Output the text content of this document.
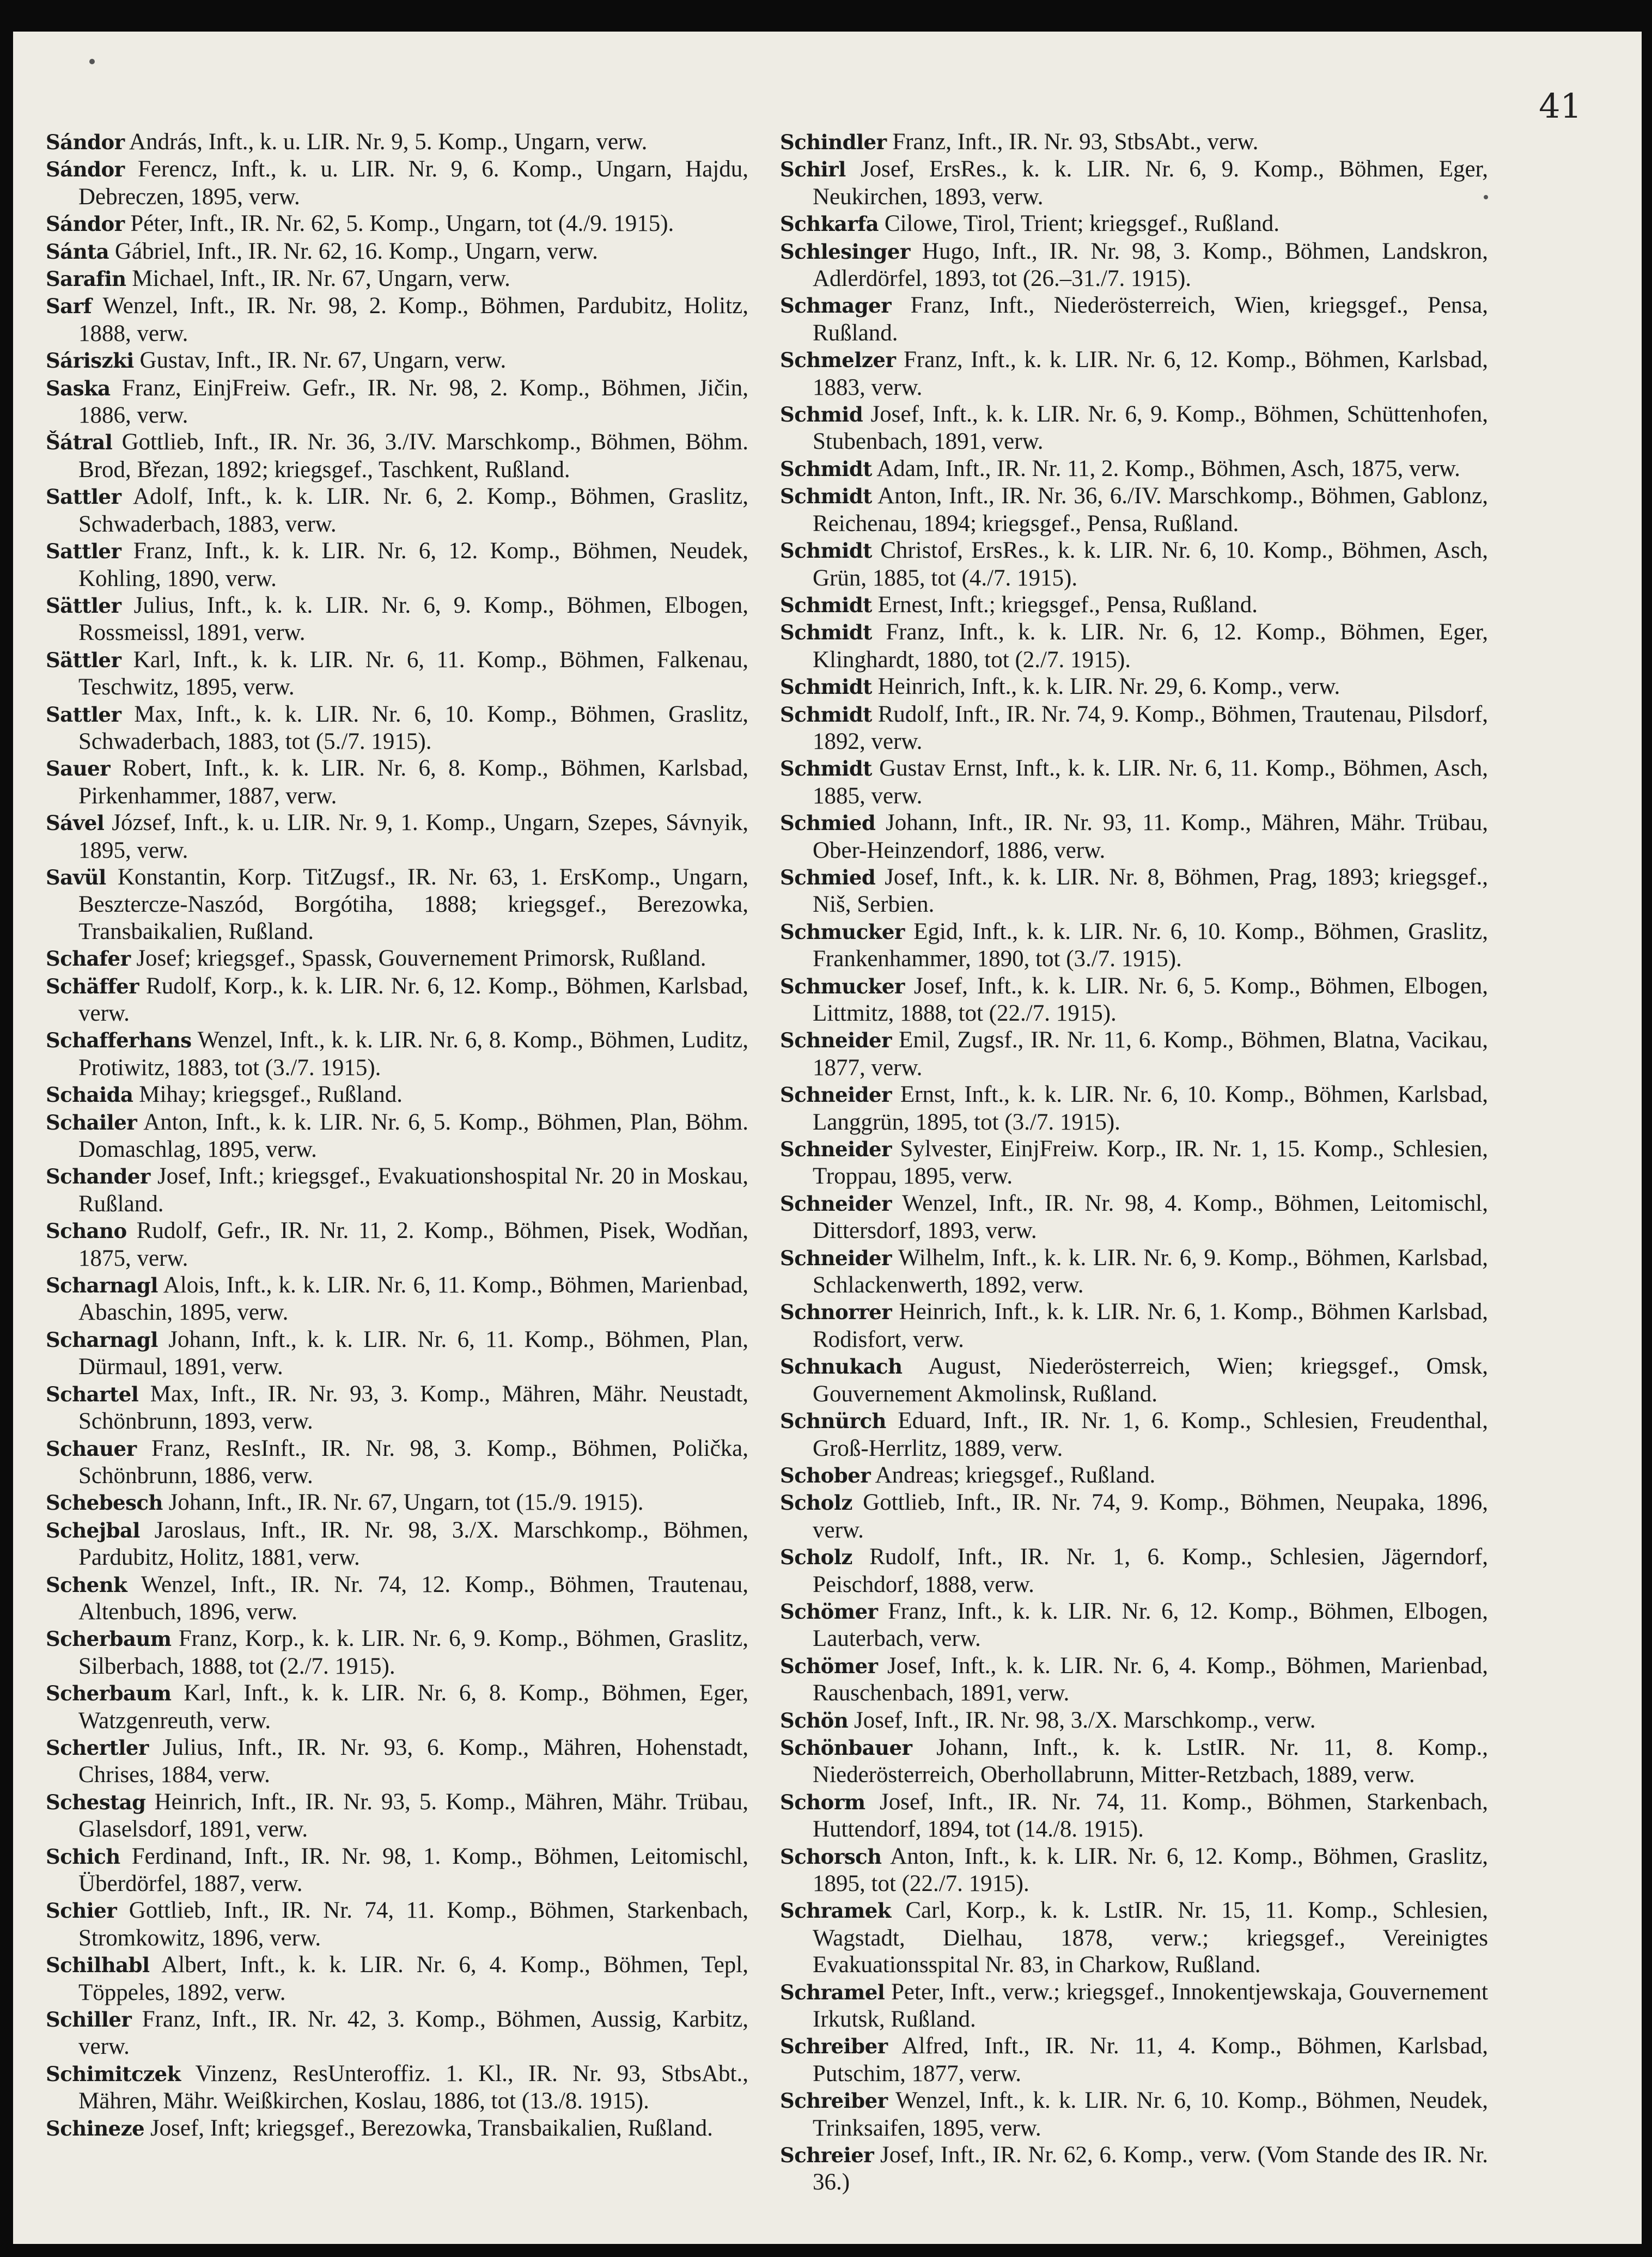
41

Sándor András, Inft., k. u. LIR. Nr. 9, 5. Komp., Ungarn, verw.

Sándor Ferencz, Inft., k. u. LIR. Nr. 9, 6. Komp., Ungarn, Hajdu, Debreczen, 1895, verw.

Sándor Péter, Inft., IR. Nr. 62, 5. Komp., Ungarn, tot (4./9. 1915).

Sánta Gábriel, Inft., IR. Nr. 62, 16. Komp., Ungarn, verw.

Sarafin Michael, Inft., IR. Nr. 67, Ungarn, verw.

Sarf Wenzel, Inft., IR. Nr. 98, 2. Komp., Böhmen, Pardubitz, Holitz, 1888, verw.

Sáriszki Gustav, Inft., IR. Nr. 67, Ungarn, verw.

Saska Franz, EinjFreiw. Gefr., IR. Nr. 98, 2. Komp., Böhmen, Jičin, 1886, verw.

Šátral Gottlieb, Inft., IR. Nr. 36, 3./IV. Marschkomp., Böhmen, Böhm. Brod, Březan, 1892; kriegsgef., Taschkent, Rußland.

Sattler Adolf, Inft., k. k. LIR. Nr. 6, 2. Komp., Böhmen, Graslitz, Schwaderbach, 1883, verw.

Sattler Franz, Inft., k. k. LIR. Nr. 6, 12. Komp., Böhmen, Neudek, Kohling, 1890, verw.

Sättler Julius, Inft., k. k. LIR. Nr. 6, 9. Komp., Böhmen, Elbogen, Rossmeissl, 1891, verw.

Sättler Karl, Inft., k. k. LIR. Nr. 6, 11. Komp., Böhmen, Falkenau, Teschwitz, 1895, verw.

Sattler Max, Inft., k. k. LIR. Nr. 6, 10. Komp., Böhmen, Graslitz, Schwaderbach, 1883, tot (5./7. 1915).

Sauer Robert, Inft., k. k. LIR. Nr. 6, 8. Komp., Böhmen, Karlsbad, Pirkenhammer, 1887, verw.

Sável József, Inft., k. u. LIR. Nr. 9, 1. Komp., Ungarn, Szepes, Sávnyik, 1895, verw.

Savül Konstantin, Korp. TitZugsf., IR. Nr. 63, 1. ErsKomp., Ungarn, Besztercze-Naszód, Borgótiha, 1888; kriegsgef., Berezowka, Transbaikalien, Rußland.

Schafer Josef; kriegsgef., Spassk, Gouvernement Primorsk, Rußland.

Schäffer Rudolf, Korp., k. k. LIR. Nr. 6, 12. Komp., Böhmen, Karlsbad, verw.

Schafferhans Wenzel, Inft., k. k. LIR. Nr. 6, 8. Komp., Böhmen, Luditz, Protiwitz, 1883, tot (3./7. 1915).

Schaida Mihay; kriegsgef., Rußland.

Schailer Anton, Inft., k. k. LIR. Nr. 6, 5. Komp., Böhmen, Plan, Böhm. Domaschlag, 1895, verw.

Schander Josef, Inft.; kriegsgef., Evakuationshospital Nr. 20 in Moskau, Rußland.

Schano Rudolf, Gefr., IR. Nr. 11, 2. Komp., Böhmen, Pisek, Wodňan, 1875, verw.

Scharnagl Alois, Inft., k. k. LIR. Nr. 6, 11. Komp., Böhmen, Marienbad, Abaschin, 1895, verw.

Scharnagl Johann, Inft., k. k. LIR. Nr. 6, 11. Komp., Böhmen, Plan, Dürmaul, 1891, verw.

Schartel Max, Inft., IR. Nr. 93, 3. Komp., Mähren, Mähr. Neustadt, Schönbrunn, 1893, verw.

Schauer Franz, ResInft., IR. Nr. 98, 3. Komp., Böhmen, Polička, Schönbrunn, 1886, verw.

Schebesch Johann, Inft., IR. Nr. 67, Ungarn, tot (15./9. 1915).

Schejbal Jaroslaus, Inft., IR. Nr. 98, 3./X. Marschkomp., Böhmen, Pardubitz, Holitz, 1881, verw.

Schenk Wenzel, Inft., IR. Nr. 74, 12. Komp., Böhmen, Trautenau, Altenbuch, 1896, verw.

Scherbaum Franz, Korp., k. k. LIR. Nr. 6, 9. Komp., Böhmen, Graslitz, Silberbach, 1888, tot (2./7. 1915).

Scherbaum Karl, Inft., k. k. LIR. Nr. 6, 8. Komp., Böhmen, Eger, Watzgenreuth, verw.

Schertler Julius, Inft., IR. Nr. 93, 6. Komp., Mähren, Hohenstadt, Chrises, 1884, verw.

Schestag Heinrich, Inft., IR. Nr. 93, 5. Komp., Mähren, Mähr. Trübau, Glaselsdorf, 1891, verw.

Schich Ferdinand, Inft., IR. Nr. 98, 1. Komp., Böhmen, Leitomischl, Überdörfel, 1887, verw.

Schier Gottlieb, Inft., IR. Nr. 74, 11. Komp., Böhmen, Starkenbach, Stromkowitz, 1896, verw.

Schilhabl Albert, Inft., k. k. LIR. Nr. 6, 4. Komp., Böhmen, Tepl, Töppeles, 1892, verw.

Schiller Franz, Inft., IR. Nr. 42, 3. Komp., Böhmen, Aussig, Karbitz, verw.

Schimitczek Vinzenz, ResUnteroffiz. 1. Kl., IR. Nr. 93, StbsAbt., Mähren, Mähr. Weißkirchen, Koslau, 1886, tot (13./8. 1915).

Schineze Josef, Inft; kriegsgef., Berezowka, Transbaikalien, Rußland.

Schindler Franz, Inft., IR. Nr. 93, StbsAbt., verw.

Schirl Josef, ErsRes., k. k. LIR. Nr. 6, 9. Komp., Böhmen, Eger, Neukirchen, 1893, verw.

Schkarfa Cilowe, Tirol, Trient; kriegsgef., Rußland.

Schlesinger Hugo, Inft., IR. Nr. 98, 3. Komp., Böhmen, Landskron, Adlerdörfel, 1893, tot (26.–31./7. 1915).

Schmager Franz, Inft., Niederösterreich, Wien, kriegsgef., Pensa, Rußland.

Schmelzer Franz, Inft., k. k. LIR. Nr. 6, 12. Komp., Böhmen, Karlsbad, 1883, verw.

Schmid Josef, Inft., k. k. LIR. Nr. 6, 9. Komp., Böhmen, Schüttenhofen, Stubenbach, 1891, verw.

Schmidt Adam, Inft., IR. Nr. 11, 2. Komp., Böhmen, Asch, 1875, verw.

Schmidt Anton, Inft., IR. Nr. 36, 6./IV. Marschkomp., Böhmen, Gablonz, Reichenau, 1894; kriegsgef., Pensa, Rußland.

Schmidt Christof, ErsRes., k. k. LIR. Nr. 6, 10. Komp., Böhmen, Asch, Grün, 1885, tot (4./7. 1915).

Schmidt Ernest, Inft.; kriegsgef., Pensa, Rußland.

Schmidt Franz, Inft., k. k. LIR. Nr. 6, 12. Komp., Böhmen, Eger, Klinghardt, 1880, tot (2./7. 1915).

Schmidt Heinrich, Inft., k. k. LIR. Nr. 29, 6. Komp., verw.

Schmidt Rudolf, Inft., IR. Nr. 74, 9. Komp., Böhmen, Trautenau, Pilsdorf, 1892, verw.

Schmidt Gustav Ernst, Inft., k. k. LIR. Nr. 6, 11. Komp., Böhmen, Asch, 1885, verw.

Schmied Johann, Inft., IR. Nr. 93, 11. Komp., Mähren, Mähr. Trübau, Ober-Heinzendorf, 1886, verw.

Schmied Josef, Inft., k. k. LIR. Nr. 8, Böhmen, Prag, 1893; kriegsgef., Niš, Serbien.

Schmucker Egid, Inft., k. k. LIR. Nr. 6, 10. Komp., Böhmen, Graslitz, Frankenhammer, 1890, tot (3./7. 1915).

Schmucker Josef, Inft., k. k. LIR. Nr. 6, 5. Komp., Böhmen, Elbogen, Littmitz, 1888, tot (22./7. 1915).

Schneider Emil, Zugsf., IR. Nr. 11, 6. Komp., Böhmen, Blatna, Vacikau, 1877, verw.

Schneider Ernst, Inft., k. k. LIR. Nr. 6, 10. Komp., Böhmen, Karlsbad, Langgrün, 1895, tot (3./7. 1915).

Schneider Sylvester, EinjFreiw. Korp., IR. Nr. 1, 15. Komp., Schlesien, Troppau, 1895, verw.

Schneider Wenzel, Inft., IR. Nr. 98, 4. Komp., Böhmen, Leitomischl, Dittersdorf, 1893, verw.

Schneider Wilhelm, Inft., k. k. LIR. Nr. 6, 9. Komp., Böhmen, Karlsbad, Schlackenwerth, 1892, verw.

Schnorrer Heinrich, Inft., k. k. LIR. Nr. 6, 1. Komp., Böhmen Karlsbad, Rodisfort, verw.

Schnukach August, Niederösterreich, Wien; kriegsgef., Omsk, Gouvernement Akmolinsk, Rußland.

Schnürch Eduard, Inft., IR. Nr. 1, 6. Komp., Schlesien, Freudenthal, Groß-Herrlitz, 1889, verw.

Schober Andreas; kriegsgef., Rußland.

Scholz Gottlieb, Inft., IR. Nr. 74, 9. Komp., Böhmen, Neupaka, 1896, verw.

Scholz Rudolf, Inft., IR. Nr. 1, 6. Komp., Schlesien, Jägerndorf, Peischdorf, 1888, verw.

Schömer Franz, Inft., k. k. LIR. Nr. 6, 12. Komp., Böhmen, Elbogen, Lauterbach, verw.

Schömer Josef, Inft., k. k. LIR. Nr. 6, 4. Komp., Böhmen, Marienbad, Rauschenbach, 1891, verw.

Schön Josef, Inft., IR. Nr. 98, 3./X. Marschkomp., verw.

Schönbauer Johann, Inft., k. k. LstIR. Nr. 11, 8. Komp., Niederösterreich, Oberhollabrunn, Mitter-Retzbach, 1889, verw.

Schorm Josef, Inft., IR. Nr. 74, 11. Komp., Böhmen, Starkenbach, Huttendorf, 1894, tot (14./8. 1915).

Schorsch Anton, Inft., k. k. LIR. Nr. 6, 12. Komp., Böhmen, Graslitz, 1895, tot (22./7. 1915).

Schramek Carl, Korp., k. k. LstIR. Nr. 15, 11. Komp., Schlesien, Wagstadt, Dielhau, 1878, verw.; kriegsgef., Vereinigtes Evakuationsspital Nr. 83, in Charkow, Rußland.

Schramel Peter, Inft., verw.; kriegsgef., Innokentjewskaja, Gouvernement Irkutsk, Rußland.

Schreiber Alfred, Inft., IR. Nr. 11, 4. Komp., Böhmen, Karlsbad, Putschim, 1877, verw.

Schreiber Wenzel, Inft., k. k. LIR. Nr. 6, 10. Komp., Böhmen, Neudek, Trinksaifen, 1895, verw.

Schreier Josef, Inft., IR. Nr. 62, 6. Komp., verw. (Vom Stande des IR. Nr. 36.)
